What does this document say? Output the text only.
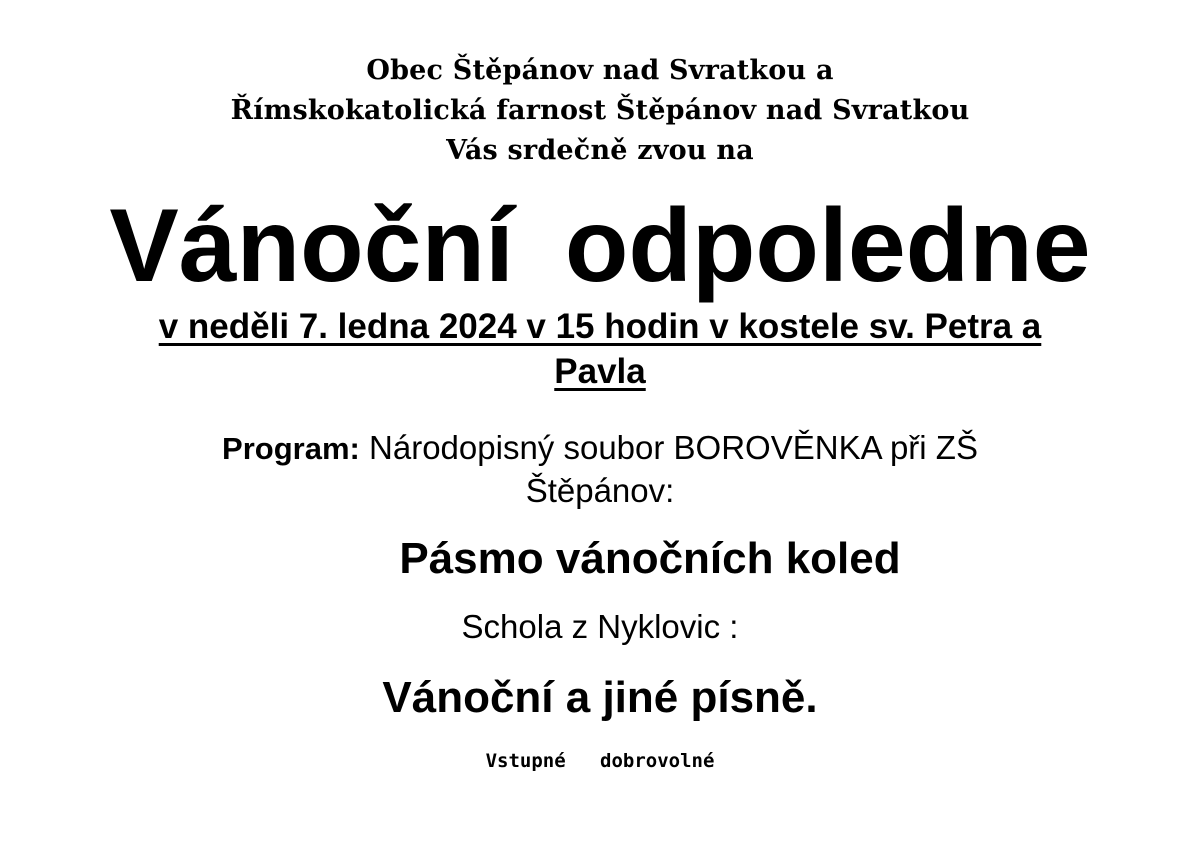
Obec Štěpánov nad Svratkou a
Římskokatolická farnost Štěpánov nad Svratkou
Vás srdečně zvou na
Vánoční odpoledne
v neděli 7. ledna 2024 v 15 hodin v kostele sv. Petra a
Pavla
Program: Národopisný soubor BOROVĚNKA při ZŠ
Štěpánov:
Pásmo vánočních koled
Schola z Nyklovic :
Vánoční a jiné písně.
Vstupné   dobrovolné
